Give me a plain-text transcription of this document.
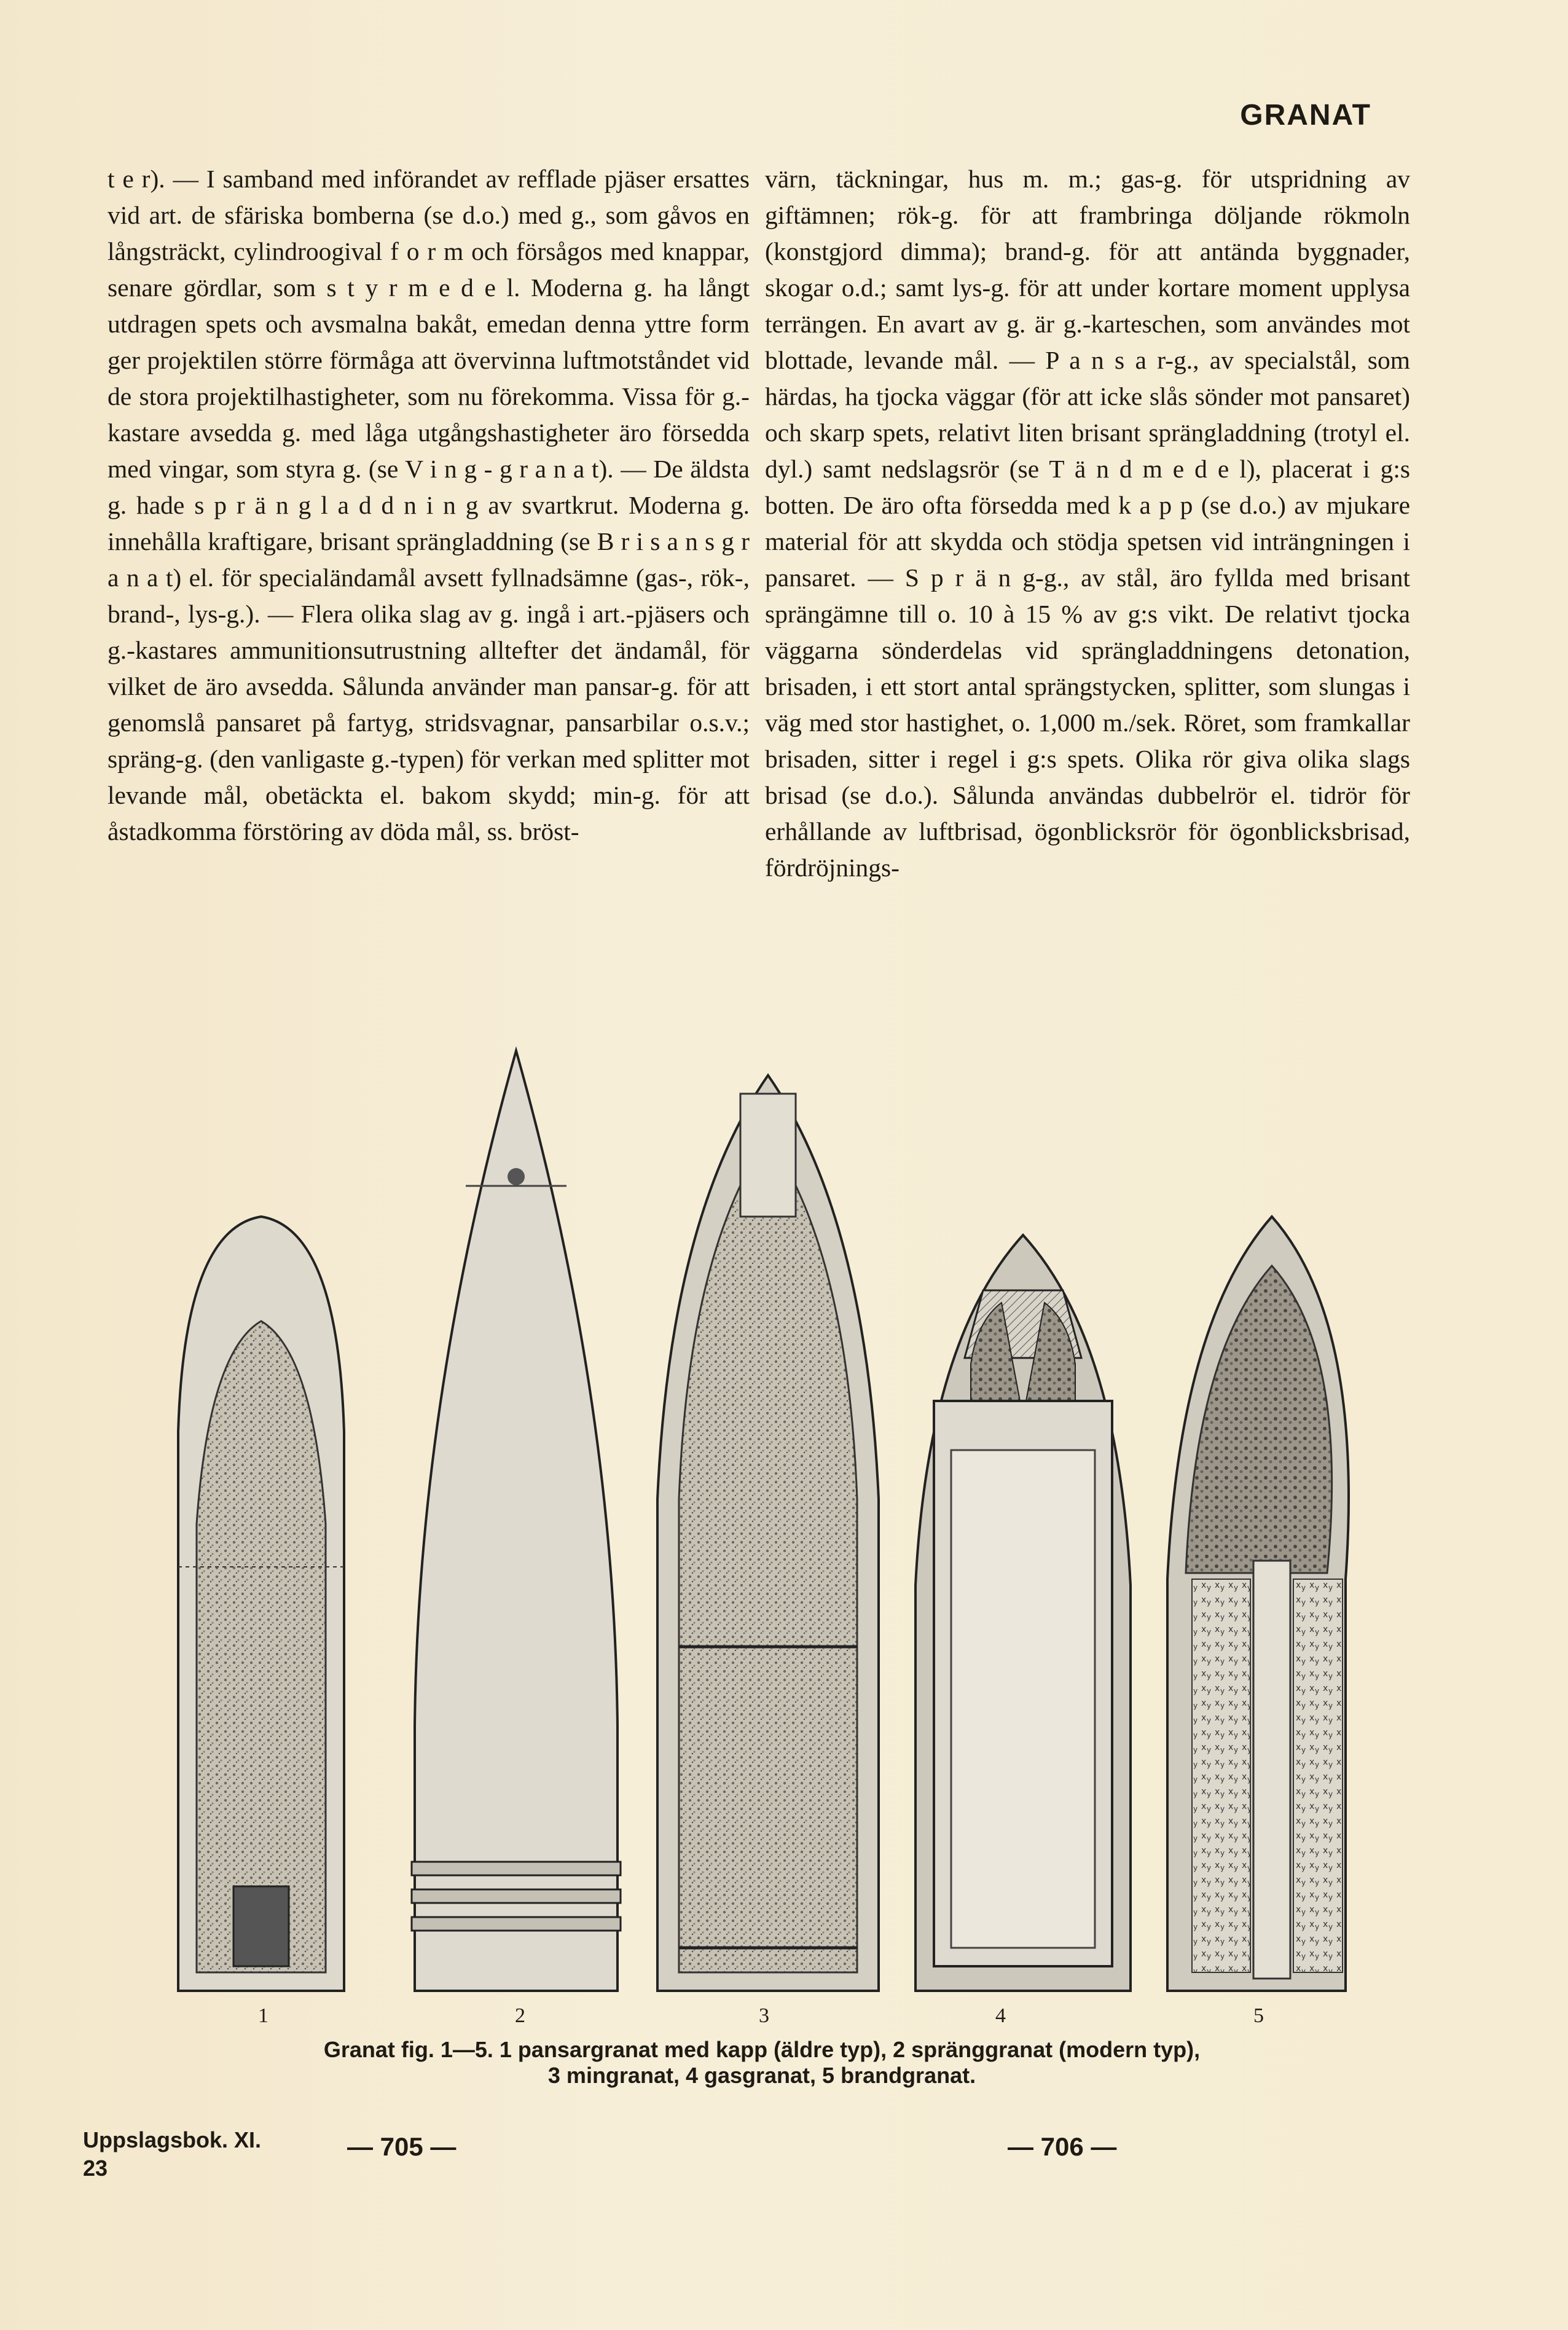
GRANAT

t e r). — I samband med införandet av refflade pjäser ersattes vid art. de sfäriska bomberna (se d.o.) med g., som gåvos en långsträckt, cylindroogival f o r m och försågos med knappar, senare gördlar, som s t y r m e d e l. Moderna g. ha långt utdragen spets och avsmalna bakåt, emedan denna yttre form ger projektilen större förmåga att övervinna luftmotståndet vid de stora projektilhastigheter, som nu förekomma. Vissa för g.-kastare avsedda g. med låga utgångshastigheter äro försedda med vingar, som styra g. (se V i n g - g r a n a t). — De äldsta g. hade s p r ä n g l a d d n i n g av svartkrut. Moderna g. innehålla kraftigare, brisant sprängladdning (se B r i s a n s g r a n a t) el. för specialändamål avsett fyllnadsämne (gas-, rök-, brand-, lys-g.). — Flera olika slag av g. ingå i art.-pjäsers och g.-kastares ammunitionsutrustning alltefter det ändamål, för vilket de äro avsedda. Sålunda använder man pansar-g. för att genomslå pansaret på fartyg, stridsvagnar, pansarbilar o.s.v.; spräng-g. (den vanligaste g.-typen) för verkan med splitter mot levande mål, obetäckta el. bakom skydd; min-g. för att åstadkomma förstöring av döda mål, ss. bröst-

värn, täckningar, hus m. m.; gas-g. för utspridning av giftämnen; rök-g. för att frambringa döljande rökmoln (konstgjord dimma); brand-g. för att antända byggnader, skogar o.d.; samt lys-g. för att under kortare moment upplysa terrängen. En avart av g. är g.-karteschen, som användes mot blottade, levande mål. — P a n s a r-g., av specialstål, som härdas, ha tjocka väggar (för att icke slås sönder mot pansaret) och skarp spets, relativt liten brisant sprängladdning (trotyl el. dyl.) samt nedslagsrör (se T ä n d m e d e l), placerat i g:s botten. De äro ofta försedda med k a p p (se d.o.) av mjukare material för att skydda och stödja spetsen vid inträngningen i pansaret. — S p r ä n g-g., av stål, äro fyllda med brisant sprängämne till o. 10 à 15 % av g:s vikt. De relativt tjocka väggarna sönderdelas vid sprängladdningens detonation, brisaden, i ett stort antal sprängstycken, splitter, som slungas i väg med stor hastighet, o. 1,000 m./sek. Röret, som framkallar brisaden, sitter i regel i g:s spets. Olika rör giva olika slags brisad (se d.o.). Sålunda användas dubbelrör el. tidrör för erhållande av luftbrisad, ögonblicksrör för ögonblicksbrisad, fördröjnings-

1	2	3	4	5
Granat fig. 1—5. 1 pansargranat med kapp (äldre typ), 2 spränggranat (modern typ),
3 mingranat, 4 gasgranat, 5 brandgranat.
Uppslagsbok. XI.
23
— 705 —	— 706 —
